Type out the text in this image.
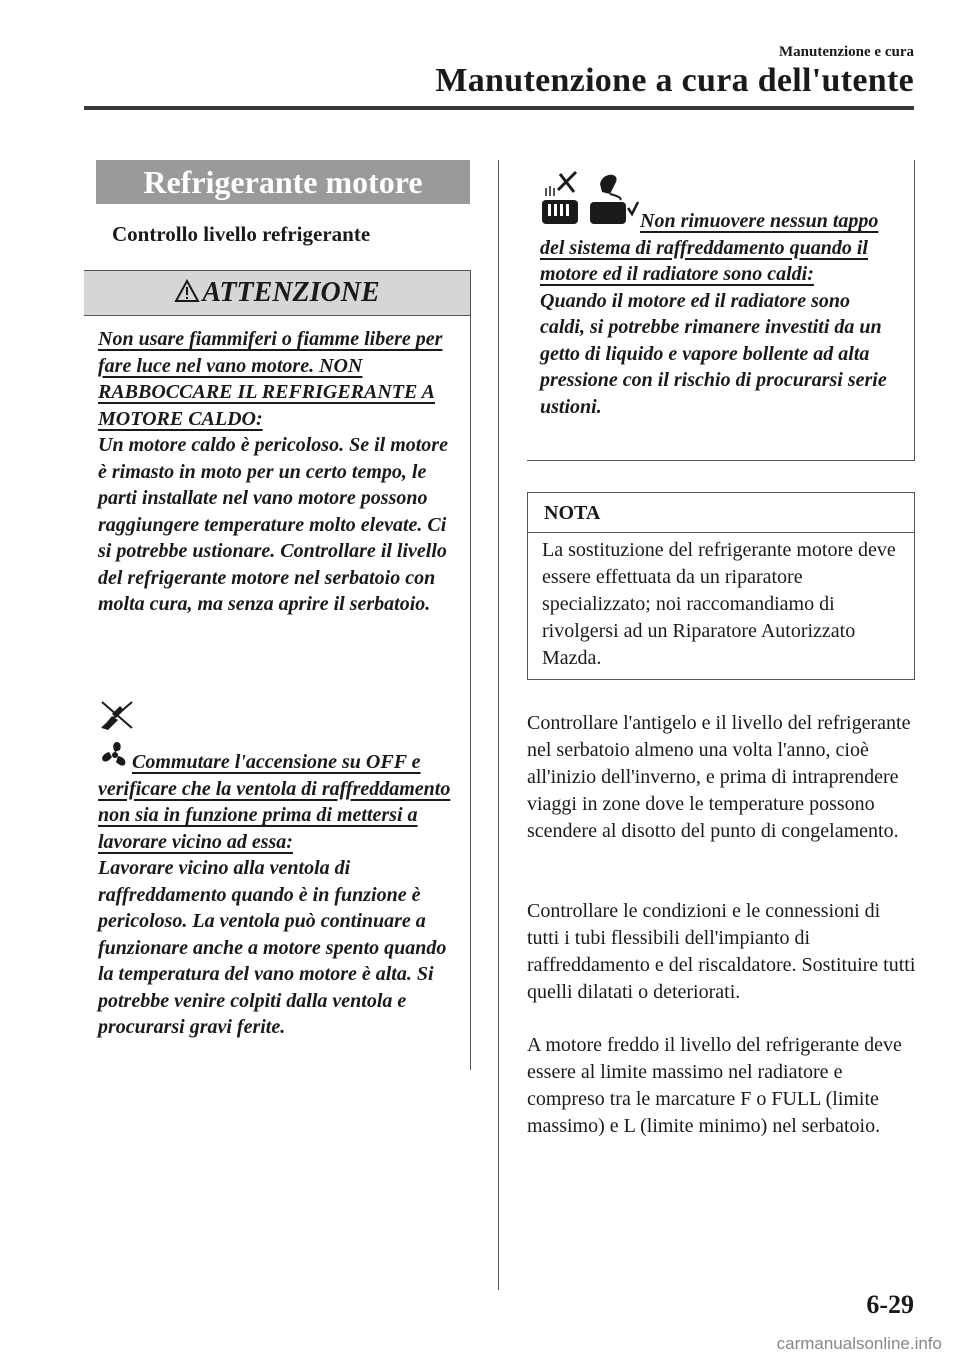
Manutenzione e cura
Manutenzione a cura dell'utente
Refrigerante motore
Controllo livello refrigerante
ATTENZIONE

Non usare fiammiferi o fiamme libere per fare luce nel vano motore. NON RABBOCCARE IL REFRIGERANTE A MOTORE CALDO:

Un motore caldo è pericoloso. Se il motore è rimasto in moto per un certo tempo, le parti installate nel vano motore possono raggiungere temperature molto elevate. Ci si potrebbe ustionare. Controllare il livello del refrigerante motore nel serbatoio con molta cura, ma senza aprire il serbatoio.

Commutare l'accensione su OFF e verificare che la ventola di raffreddamento non sia in funzione prima di mettersi a lavorare vicino ad essa:

Lavorare vicino alla ventola di raffreddamento quando è in funzione è pericoloso. La ventola può continuare a funzionare anche a motore spento quando la temperatura del vano motore è alta. Si potrebbe venire colpiti dalla ventola e procurarsi gravi ferite.

Non rimuovere nessun tappo del sistema di raffreddamento quando il motore ed il radiatore sono caldi:

Quando il motore ed il radiatore sono caldi, si potrebbe rimanere investiti da un getto di liquido e vapore bollente ad alta pressione con il rischio di procurarsi serie ustioni.

NOTA
La sostituzione del refrigerante motore deve essere effettuata da un riparatore specializzato; noi raccomandiamo di rivolgersi ad un Riparatore Autorizzato Mazda.
Controllare l'antigelo e il livello del refrigerante nel serbatoio almeno una volta l'anno, cioè all'inizio dell'inverno, e prima di intraprendere viaggi in zone dove le temperature possono scendere al disotto del punto di congelamento.
Controllare le condizioni e le connessioni di tutti i tubi flessibili dell'impianto di raffreddamento e del riscaldatore. Sostituire tutti quelli dilatati o deteriorati.
A motore freddo il livello del refrigerante deve essere al limite massimo nel radiatore e compreso tra le marcature F o FULL (limite massimo) e L (limite minimo) nel serbatoio.
6-29
carmanualsonline.info
